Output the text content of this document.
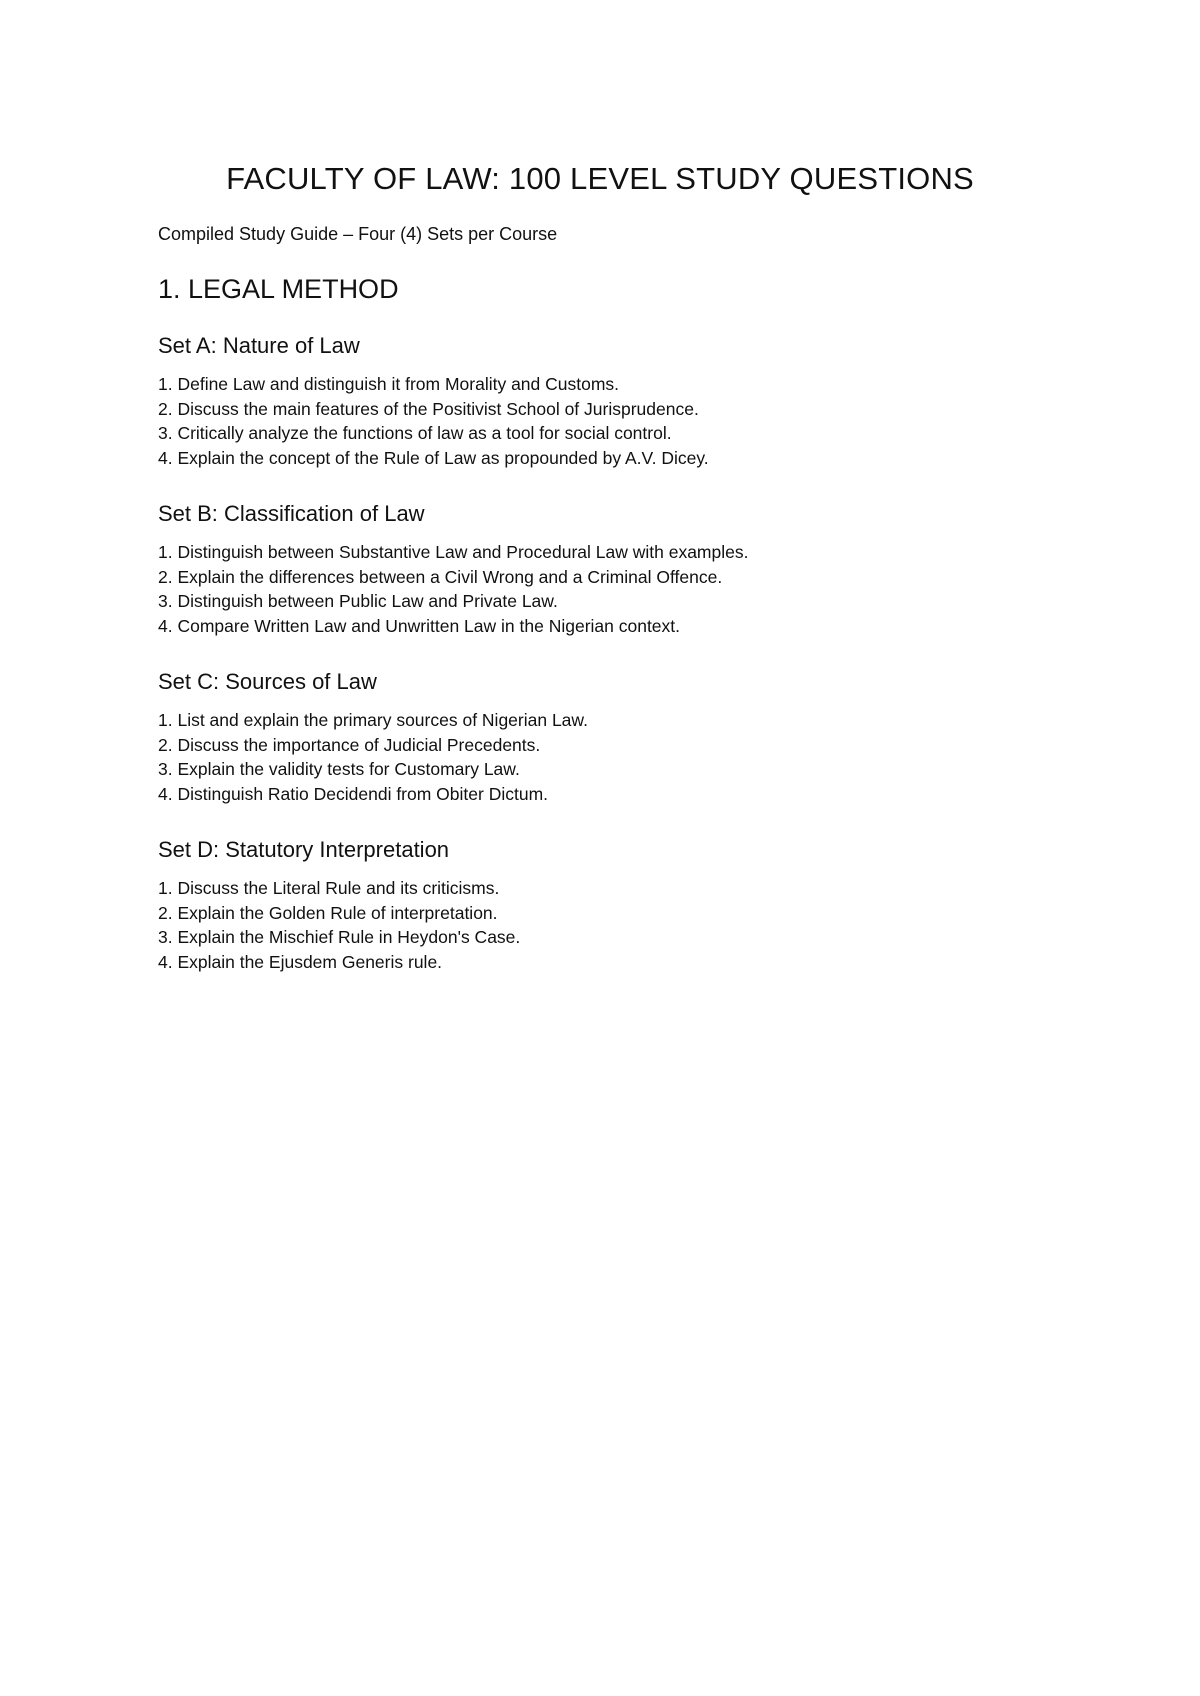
FACULTY OF LAW: 100 LEVEL STUDY QUESTIONS

Compiled Study Guide – Four (4) Sets per Course

1. LEGAL METHOD
Set A: Nature of Law
1. Define Law and distinguish it from Morality and Customs.
2. Discuss the main features of the Positivist School of Jurisprudence.
3. Critically analyze the functions of law as a tool for social control.
4. Explain the concept of the Rule of Law as propounded by A.V. Dicey.
Set B: Classification of Law
1. Distinguish between Substantive Law and Procedural Law with examples.
2. Explain the differences between a Civil Wrong and a Criminal Offence.
3. Distinguish between Public Law and Private Law.
4. Compare Written Law and Unwritten Law in the Nigerian context.
Set C: Sources of Law
1. List and explain the primary sources of Nigerian Law.
2. Discuss the importance of Judicial Precedents.
3. Explain the validity tests for Customary Law.
4. Distinguish Ratio Decidendi from Obiter Dictum.
Set D: Statutory Interpretation
1. Discuss the Literal Rule and its criticisms.
2. Explain the Golden Rule of interpretation.
3. Explain the Mischief Rule in Heydon's Case.
4. Explain the Ejusdem Generis rule.
